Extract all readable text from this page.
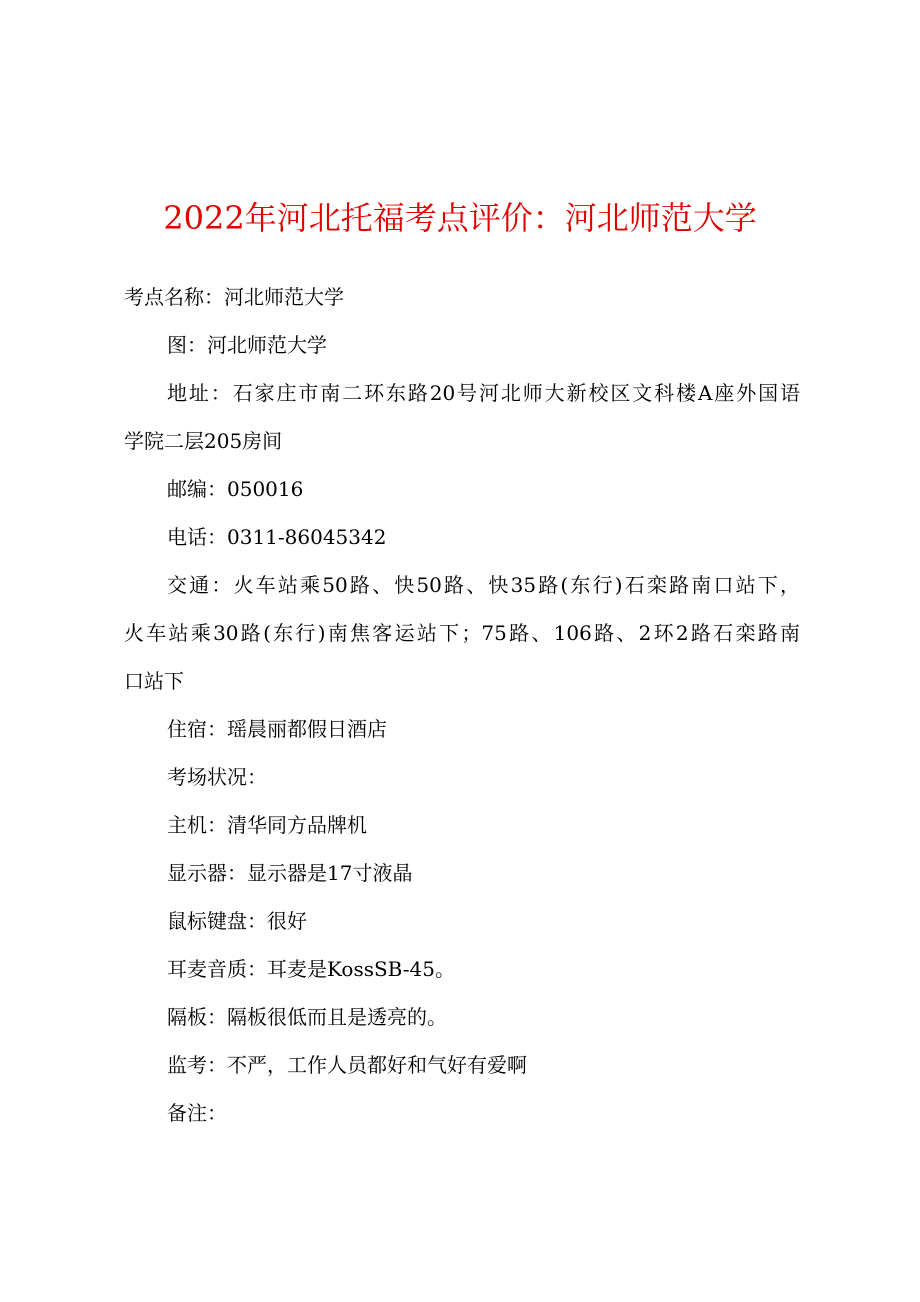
2022年河北托福考点评价：河北师范大学

考点名称：河北师范大学

图：河北师范大学

地址：石家庄市南二环东路20号河北师大新校区文科楼A座外国语

学院二层205房间

邮编：050016

电话：0311-86045342

交通：火车站乘50路、快50路、快35路(东行)石栾路南口站下，

火车站乘30路(东行)南焦客运站下；75路、106路、2环2路石栾路南

口站下

住宿：瑶晨丽都假日酒店

考场状况：

主机：清华同方品牌机

显示器：显示器是17寸液晶

鼠标键盘：很好

耳麦音质：耳麦是KossSB-45。

隔板：隔板很低而且是透亮的。

监考：不严，工作人员都好和气好有爱啊

备注：
